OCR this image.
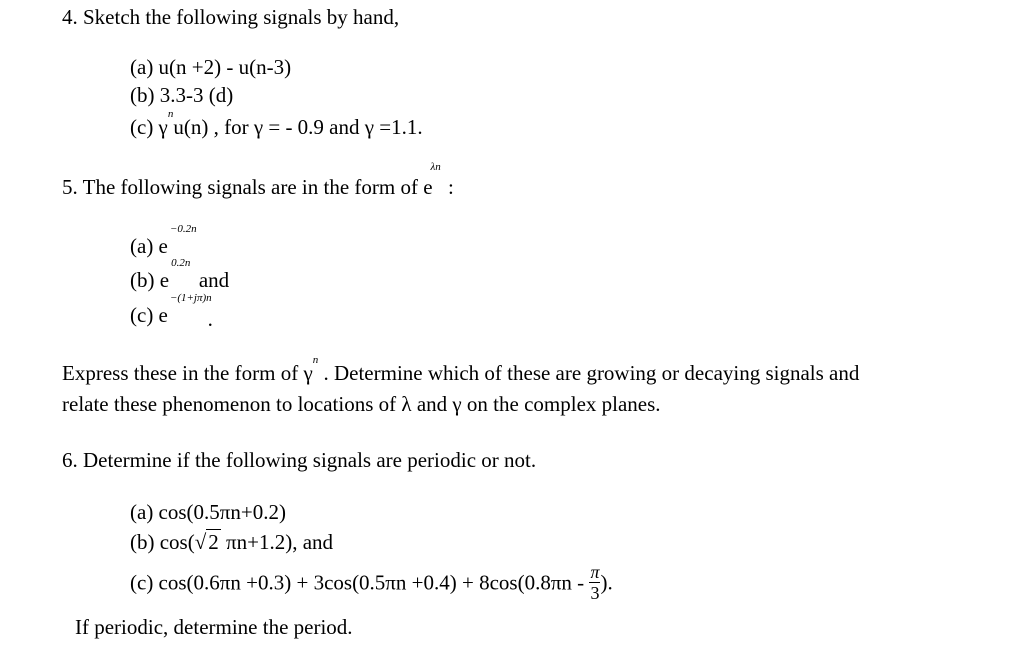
4. Sketch the following signals by hand,
(a) u(n +2) - u(n-3)
(b) 3.3-3 (d)
(c) $\gamma^nu(n)$ , for γ = - 0.9 and γ =1.1.
5. The following signals are in the form of $e^{\lambda n}$ :
(a) $e^{-0.2n}$
(b) $e^{0.2n}$  and
(c) $e^{-(1+j\pi)n}$.
Express these in the form of $\gamma^n$ . Determine which of these are growing or decaying signals and
relate these phenomenon to locations of λ and γ on the complex planes.
6. Determine if the following signals are periodic or not.
(a) cos(0.5πn+0.2)
(b) cos(√2 πn+1.2), and
(c) $\cos(0.6\pi n +0.3) + 3\cos(0.5\pi n +0.4) + 8\cos(0.8\pi n - \frac{\pi}{3}$ ).
If periodic, determine the period.
